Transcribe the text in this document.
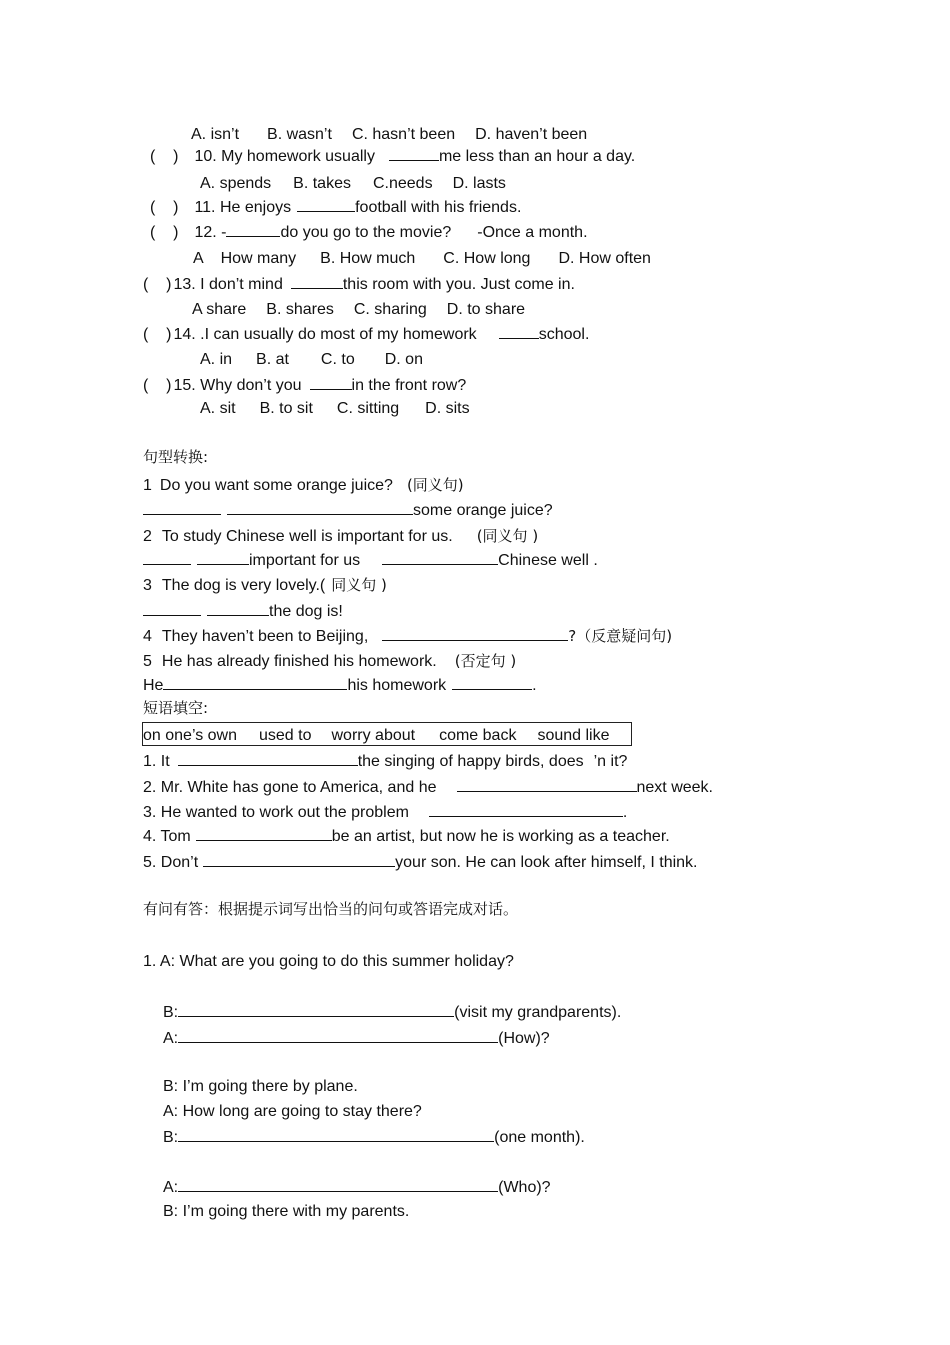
A. isn’t B. wasn’t C. hasn’t been D. haven’t been
(    ) 10. My homework usually	me less than an hour a day.
A. spends B. takes C.needs D. lasts
(    ) 11. He enjoys	football with his friends.
(    ) 12. -	do you go to the movie? -Once a month.
A    How many B. How much C. How long D. How often
(    ) 13. I don’t mind	this room with you. Just come in.
A share B. shares C. sharing D. to share
(    ) 14. .I can usually do most of my homework	school.
A. in B. at C. to D. on
(    ) 15. Why don’t you	in the front row?
A. sit B. to sit C. sitting D. sits
句型转换:
1 Do you want some orange juice? (同义句)
some orange juice?
2 To study Chinese well is important for us. (同义句 )
important for us	Chinese well .
3 The dog is very lovely.( 同义句 )
the dog is!
4 They haven’t been to Beijing,	?（反意疑问句)
5 He has already finished his homework. (否定句 )
He	his homework	.
短语填空:
on one’s own used to worry about come back sound like
1. It	the singing of happy birds, does ’n it?
2. Mr. White has gone to America, and he	next week.
3. He wanted to work out the problem	.
4. Tom	be an artist, but now he is working as a teacher.
5. Don’t	your son. He can look after himself, I think.
有问有答：根据提示词写出恰当的问句或答语完成对话。
1. A: What are you going to do this summer holiday?
B:	(visit my grandparents).
A:	(How)?
B: I’m going there by plane.
A: How long are going to stay there?
B:	(one month).
A:	(Who)?
B: I’m going there with my parents.
